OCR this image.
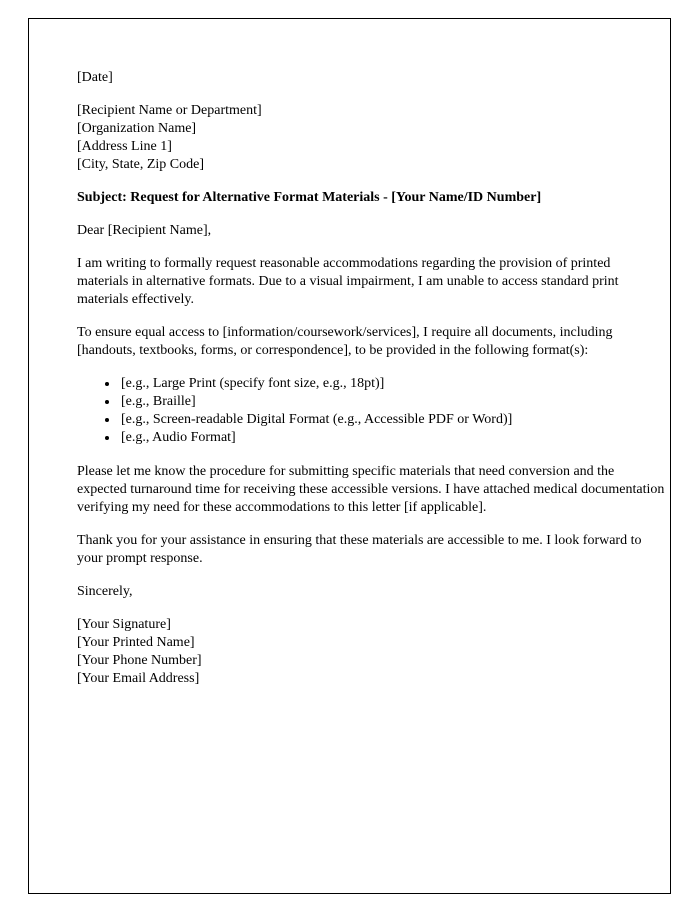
[Date]

[Recipient Name or Department]
[Organization Name]
[Address Line 1]
[City, State, Zip Code]

Subject: Request for Alternative Format Materials - [Your Name/ID Number]

Dear [Recipient Name],

I am writing to formally request reasonable accommodations regarding the provision of printed materials in alternative formats. Due to a visual impairment, I am unable to access standard print materials effectively.

To ensure equal access to [information/coursework/services], I require all documents, including [handouts, textbooks, forms, or correspondence], to be provided in the following format(s):

• [e.g., Large Print (specify font size, e.g., 18pt)]
• [e.g., Braille]
• [e.g., Screen-readable Digital Format (e.g., Accessible PDF or Word)]
• [e.g., Audio Format]

Please let me know the procedure for submitting specific materials that need conversion and the expected turnaround time for receiving these accessible versions. I have attached medical documentation verifying my need for these accommodations to this letter [if applicable].

Thank you for your assistance in ensuring that these materials are accessible to me. I look forward to your prompt response.

Sincerely,

[Your Signature]
[Your Printed Name]
[Your Phone Number]
[Your Email Address]
